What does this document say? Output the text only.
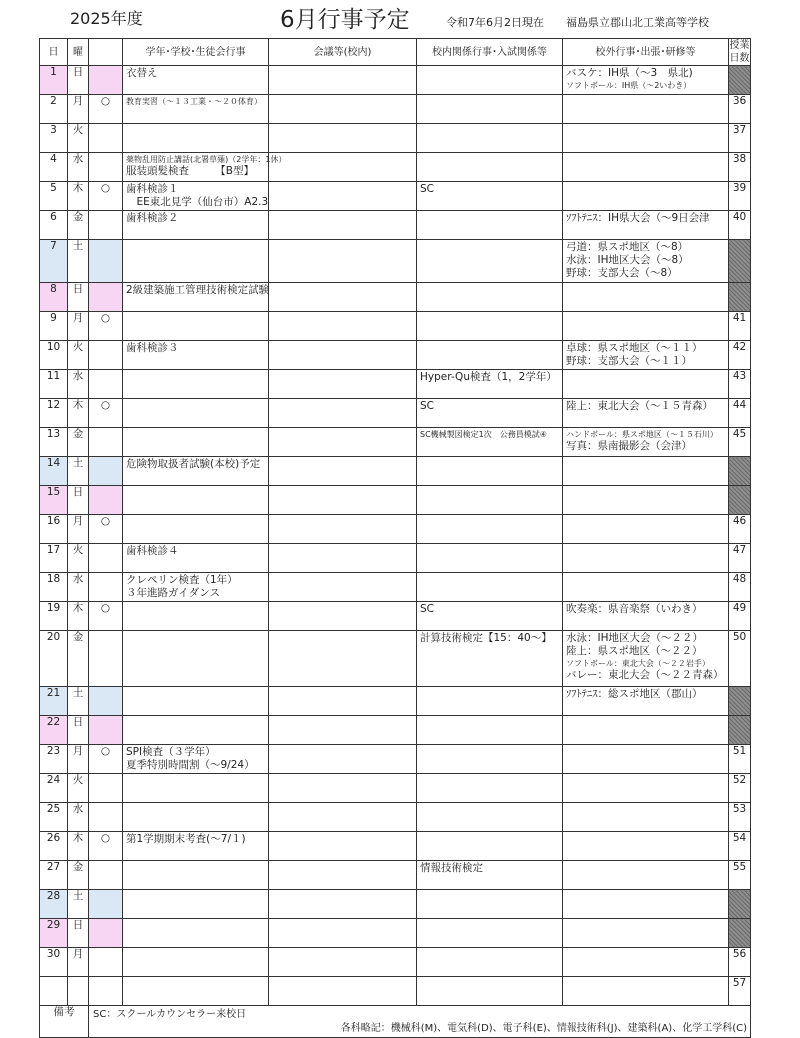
2025年度	6月行事予定	令和7年6月2日現在 福島県立郡山北工業高等学校
日	曜		学年･学校･生徒会行事	会議等(校内)	校内関係行事･入試関係等	校外行事･出張･研修等	授業日数
1	日		衣替え			バスケ：IH県（～3　県北)
ソフトボール：IH県（～2いわき）	

2	月	○	教育実習（～１３工業・～２０体育）				36
3	火						37
4	水		薬物乱用防止講話(北署草薙)（2学年：1休）
服装頭髪検査　　　【B型】				38
5	木	○	歯科検診１
　EE東北見学（仙台市）A2.3		SC		39
6	金		歯科検診２			ｿﾌﾄﾃﾆｽ：IH県大会（～9日会津	40
7	土					弓道：県スポ地区（～8）
水泳：IH地区大会（～8）
野球：支部大会（～8）	

8	日		2級建築施工管理技術検定試験				

9	月	○					41
10	火		歯科検診３			卓球：県スポ地区（～１１）
野球：支部大会（～１１）	42
11	水				Hyper-Qu検査（1，2学年）		43
12	木	○			SC	陸上：東北大会（～１５青森）	44
13	金				SC機械製図検定1次　公務員模試④	ハンドボール：県スポ地区（～１５石川）
写真：県南撮影会（会津）	45
14	土		危険物取扱者試験(本校)予定				

15	日		

16	月	○					46
17	火		歯科検診４				47
18	水		クレペリン検査（1年）
３年進路ガイダンス				48
19	木	○			SC	吹奏楽：県音楽祭（いわき）	49
20	金				計算技術検定【15：40～】	水泳：IH地区大会（～２２）
陸上：県スポ地区（～２２）
ソフトボール：東北大会（～２２岩手）
バレー：東北大会（～２２青森）	50
21	土					ｿﾌﾄﾃﾆｽ：総スポ地区（郡山）	

22	日		

23	月	○	SPI検査（３学年）
夏季特別時間割（～9/24）				51
24	火						52
25	水						53
26	木	○	第1学期期末考査(～7/１)				54
27	金				情報技術検定		55
28	土		

29	日		

30	月						56

	57
備考		SC：スクールカウンセラー来校日
各科略記：機械科(M)、電気科(D)、電子科(E)、情報技術科(J)、建築科(A)、化学工学科(C)					
